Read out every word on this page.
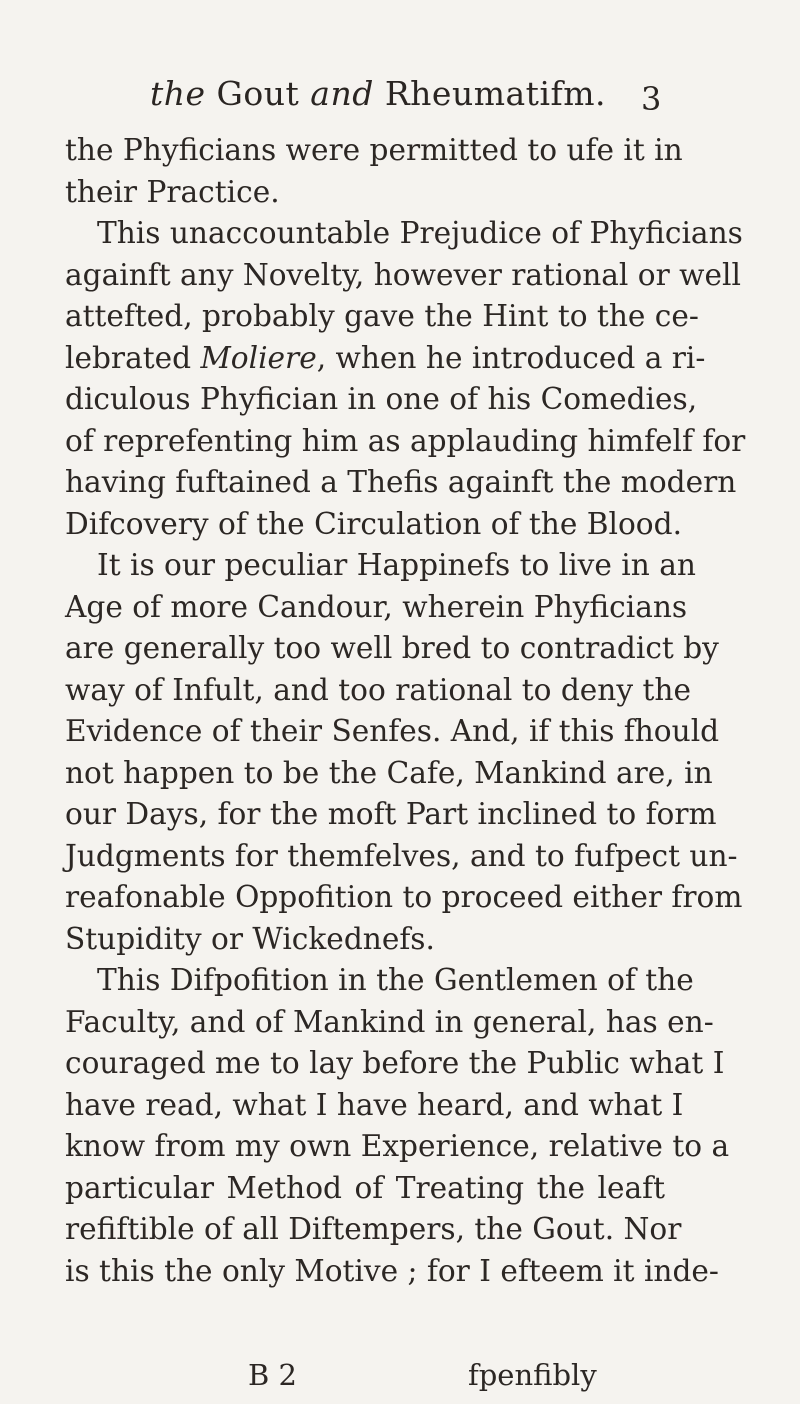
the Gout and Rheumatifm.	3
the Phyficians were permitted to ufe it in
their Practice.
This unaccountable Prejudice of Phyficians
againft any Novelty, however rational or well
attefted, probably gave the Hint to the ce-
lebrated Moliere, when he introduced a ri-
diculous Phyfician in one of his Comedies,
of reprefenting him as applauding himfelf for
having fuftained a Thefis againft the modern
Difcovery of the Circulation of the Blood.
It is our peculiar Happinefs to live in an
Age of more Candour, wherein Phyficians
are generally too well bred to contradict by
way of Infult, and too rational to deny the
Evidence of their Senfes. And, if this fhould
not happen to be the Cafe, Mankind are, in
our Days, for the moft Part inclined to form
Judgments for themfelves, and to fufpect un-
reafonable Oppofition to proceed either from
Stupidity or Wickednefs.
This Difpofition in the Gentlemen of the
Faculty, and of Mankind in general, has en-
couraged me to lay before the Public what I
have read, what I have heard, and what I
know from my own Experience, relative to a
particular Method of Treating the leaft
refiftible of all Diftempers, the Gout. Nor
is this the only Motive ; for I efteem it inde-
B 2	fpenfibly
